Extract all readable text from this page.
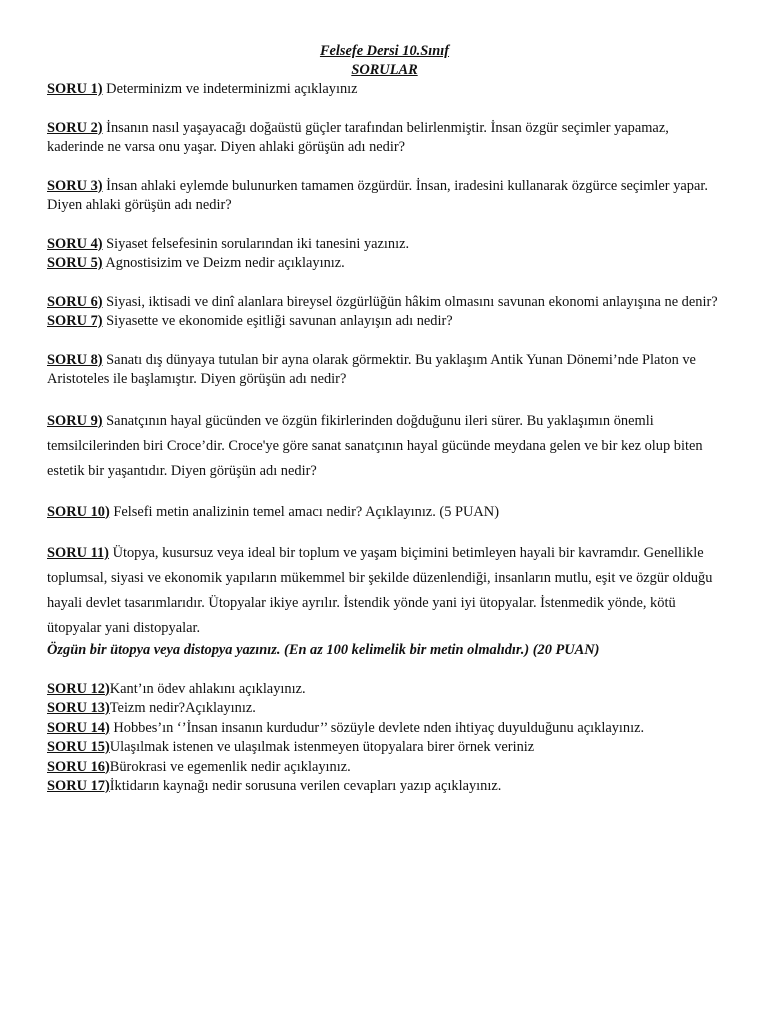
Felsefe Dersi 10.Sınıf

SORULAR

SORU 1) Determinizm ve indeterminizmi açıklayınız

SORU 2) İnsanın nasıl yaşayacağı doğaüstü güçler tarafından belirlenmiştir. İnsan özgür seçimler yapamaz, kaderinde ne varsa onu yaşar. Diyen ahlaki görüşün adı nedir?

SORU 3) İnsan ahlaki eylemde bulunurken tamamen özgürdür. İnsan, iradesini kullanarak özgürce seçimler yapar. Diyen ahlaki görüşün adı nedir?

SORU 4) Siyaset felsefesinin sorularından iki tanesini yazınız.

SORU 5) Agnostisizim ve Deizm nedir açıklayınız.

SORU 6) Siyasi, iktisadi ve dinî alanlara bireysel özgürlüğün hâkim olmasını savunan ekonomi anlayışına ne denir?

SORU 7) Siyasette ve ekonomide eşitliği savunan anlayışın adı nedir?

SORU 8) Sanatı dış dünyaya tutulan bir ayna olarak görmektir. Bu yaklaşım Antik Yunan Dönemi’nde Platon ve Aristoteles ile başlamıştır. Diyen görüşün adı nedir?

SORU 9) Sanatçının hayal gücünden ve özgün fikirlerinden doğduğunu ileri sürer. Bu yaklaşımın önemli temsilcilerinden biri Croce’dir. Croce'ye göre sanat sanatçının hayal gücünde meydana gelen ve bir kez olup biten estetik bir yaşantıdır. Diyen görüşün adı nedir?

SORU 10) Felsefi metin analizinin temel amacı nedir? Açıklayınız. (5 PUAN)

SORU 11) Ütopya, kusursuz veya ideal bir toplum ve yaşam biçimini betimleyen hayali bir kavramdır. Genellikle toplumsal, siyasi ve ekonomik yapıların mükemmel bir şekilde düzenlendiği, insanların mutlu, eşit ve özgür olduğu hayali devlet tasarımlarıdır. Ütopyalar ikiye ayrılır. İstendik yönde yani iyi ütopyalar. İstenmedik yönde, kötü ütopyalar yani distopyalar.

Özgün bir ütopya veya distopya yazınız. (En az 100 kelimelik bir metin olmalıdır.) (20 PUAN)

SORU 12)Kant’ın ödev ahlakını açıklayınız.

SORU 13)Teizm nedir?Açıklayınız.

SORU 14) Hobbes’ın ‘’İnsan insanın kurdudur’’ sözüyle devlete nden ihtiyaç duyulduğunu açıklayınız.

SORU 15)Ulaşılmak istenen ve ulaşılmak istenmeyen ütopyalara birer örnek veriniz

SORU 16)Bürokrasi ve egemenlik nedir açıklayınız.

SORU 17)İktidarın kaynağı nedir sorusuna verilen cevapları yazıp açıklayınız.
